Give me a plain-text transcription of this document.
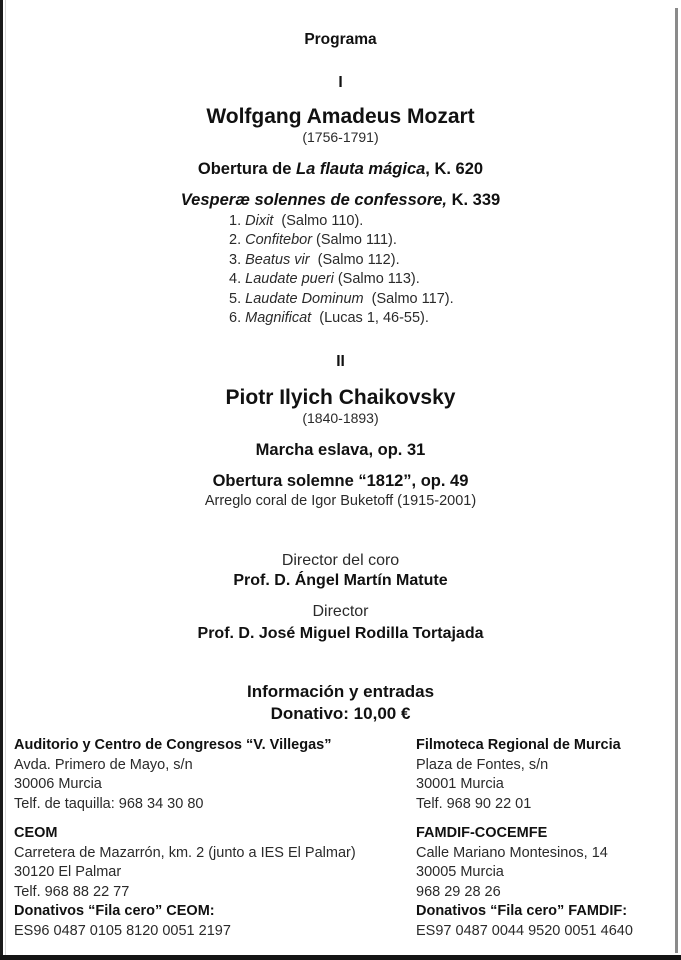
Programa
I
Wolfgang Amadeus Mozart
(1756-1791)
Obertura de La flauta mágica, K. 620
Vesperæ solennes de confessore, K. 339
1. Dixit  (Salmo 110).
2. Confitebor (Salmo 111).
3. Beatus vir  (Salmo 112).
4. Laudate pueri (Salmo 113).
5. Laudate Dominum  (Salmo 117).
6. Magnificat  (Lucas 1, 46-55).
II
Piotr Ilyich Chaikovsky
(1840-1893)
Marcha eslava, op. 31
Obertura solemne “1812”, op. 49
Arreglo coral de Igor Buketoff (1915-2001)
Director del coro
Prof. D. Ángel Martín Matute
Director
Prof. D. José Miguel Rodilla Tortajada
Información y entradas
Donativo: 10,00 €
Auditorio y Centro de Congresos “V. Villegas”
Avda. Primero de Mayo, s/n
30006 Murcia
Telf. de taquilla: 968 34 30 80
CEOM
Carretera de Mazarrón, km. 2 (junto a IES El Palmar)
30120 El Palmar
Telf. 968 88 22 77
Donativos “Fila cero” CEOM:
ES96 0487 0105 8120 0051 2197
Filmoteca Regional de Murcia
Plaza de Fontes, s/n
30001 Murcia
Telf. 968 90 22 01
FAMDIF-COCEMFE
Calle Mariano Montesinos, 14
30005 Murcia
968 29 28 26
Donativos “Fila cero” FAMDIF:
ES97 0487 0044 9520 0051 4640
